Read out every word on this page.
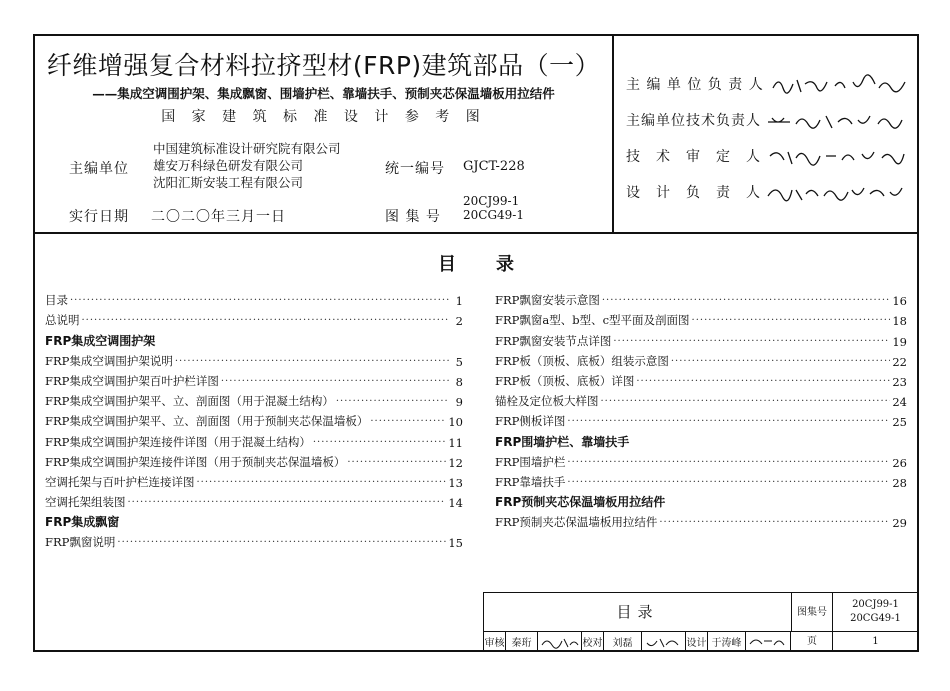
纤维增强复合材料拉挤型材(FRP)建筑部品（一）
——集成空调围护架、集成飘窗、围墙护栏、靠墙扶手、预制夹芯保温墙板用拉结件
国 家 建 筑 标 准 设 计 参 考 图
主编单位
中国建筑标准设计研究院有限公司
雄安万科绿色研发有限公司
沈阳汇斯安装工程有限公司
统一编号 GJCT-228
实行日期 二〇二〇年三月一日	图 集 号
20CJ99-1
20CG49-1
主 编 单 位 负 责 人
主编单位技术负责人
技　术　审　定　人
设　计　负　责　人
目录
目录 ·····	1
总说明 ·····	2
FRP集成空调围护架
FRP集成空调围护架说明 ·····	5
FRP集成空调围护架百叶护栏详图 ·····	8
FRP集成空调围护架平、立、剖面图（用于混凝土结构） ·····	9
FRP集成空调围护架平、立、剖面图（用于预制夹芯保温墙板） ·····	10
FRP集成空调围护架连接件详图（用于混凝土结构） ·····	11
FRP集成空调围护架连接件详图（用于预制夹芯保温墙板） ·····	12
空调托架与百叶护栏连接详图 ·····	13
空调托架组装图 ·····	14
FRP集成飘窗
FRP飘窗说明 ·····	15
FRP飘窗安装示意图 ·····	16
FRP飘窗a型、b型、c型平面及剖面图 ·····	18
FRP飘窗安装节点详图 ·····	19
FRP板（顶板、底板）组装示意图 ·····	22
FRP板（顶板、底板）详图 ·····	23
锚栓及定位板大样图 ·····	24
FRP侧板详图 ·····	25
FRP围墙护栏、靠墙扶手
FRP围墙护栏 ·····	26
FRP靠墙扶手 ·····	28
FRP预制夹芯保温墙板用拉结件
FRP预制夹芯保温墙板用拉结件 ·····	29
目录
审核 秦珩	校对	刘磊	设计 于涛峰
图集号
20CJ99-1
20CG49-1
页	1
